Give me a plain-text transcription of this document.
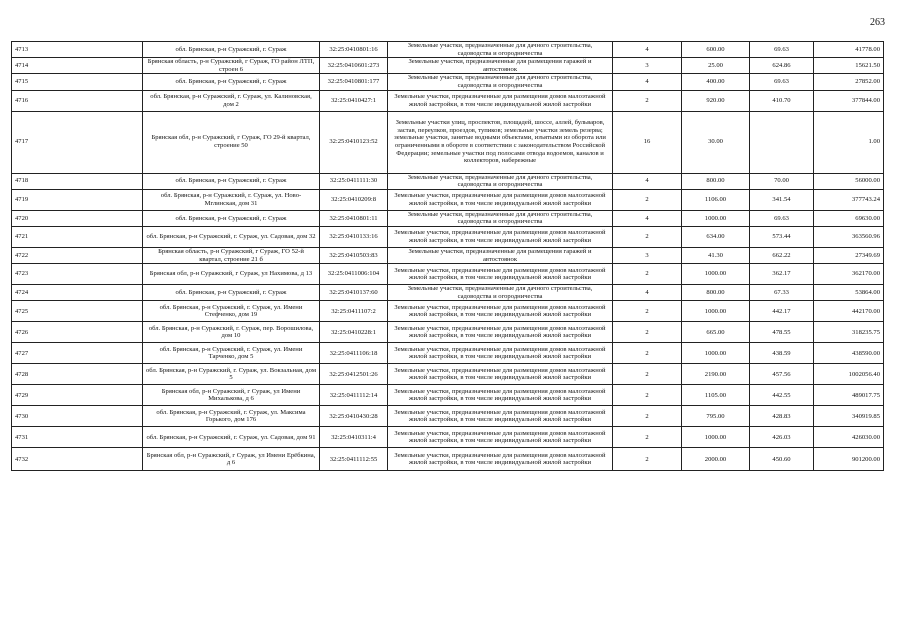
263
4713	обл. Брянская, р-н Суражский, г. Сураж	32:25:0410801:16	Земельные участки, предназначенные для дачного строительства, садоводства и огородничества	4	600.00	69.63	41778.00
4714	Брянская область, р-н Суражский, г Сураж, ГО район ЛТП, строен 6	32:25:0410601:273	Земельные участки, предназначенные для размещения гаражей и автостоянок	3	25.00	624.86	15621.50
4715	обл. Брянская, р-н Суражский, г. Сураж	32:25:0410801:177	Земельные участки, предназначенные для дачного строительства, садоводства и огородничества	4	400.00	69.63	27852.00
4716	обл. Брянская, р-н Суражский, г. Сураж, ул. Калиновская, дом 2	32:25:0410427:1	Земельные участки, предназначенные для размещения домов малоэтажной жилой застройки, в том числе индивидуальной жилой застройки	2	920.00	410.70	377844.00
4717	Брянская обл, р-н Суражский, г Сураж, ГО 29-й квартал, строение 50	32:25:0410123:52	Земельные участки улиц, проспектов, площадей, шоссе, аллей, бульваров, застав, переулков, проездов, тупиков; земельные участки земель резерва; земельные участки, занятые водными объектами, изъятыми из оборота или ограниченными в обороте в соответствии с законодательством Российской Федерации; земельные участки под полосами отвода водоемов, каналов и коллекторов, набережные	16	30.00		1.00
4718	обл. Брянская, р-н Суражский, г. Сураж	32:25:0411111:30	Земельные участки, предназначенные для дачного строительства, садоводства и огородничества	4	800.00	70.00	56000.00
4719	обл. Брянская, р-н Суражский, г. Сураж, ул. Ново-Мглинская, дом 31	32:25:0410209:8	Земельные участки, предназначенные для размещения домов малоэтажной жилой застройки, в том числе индивидуальной жилой застройки	2	1106.00	341.54	377743.24
4720	обл. Брянская, р-н Суражский, г. Сураж	32:25:0410801:11	Земельные участки, предназначенные для дачного строительства, садоводства и огородничества	4	1000.00	69.63	69630.00
4721	обл. Брянская, р-н Суражский, г. Сураж, ул. Садовая, дом 32	32:25:0410133:16	Земельные участки, предназначенные для размещения домов малоэтажной жилой застройки, в том числе индивидуальной жилой застройки	2	634.00	573.44	363560.96
4722	Брянская область, р-н Суражский, г Сураж, ГО 52-й квартал, строение 21 б	32:25:0410503:83	Земельные участки, предназначенные для размещения гаражей и автостоянок	3	41.30	662.22	27349.69
4723	Брянская обл, р-н Суражский, г Сураж, ул Нахимова, д 13	32:25:0411006:104	Земельные участки, предназначенные для размещения домов малоэтажной жилой застройки, в том числе индивидуальной жилой застройки	2	1000.00	362.17	362170.00
4724	обл. Брянская, р-н Суражский, г. Сураж	32:25:0410137:60	Земельные участки, предназначенные для дачного строительства, садоводства и огородничества	4	800.00	67.33	53864.00
4725	обл. Брянская, р-н Суражский, г. Сураж, ул. Имени Стефченко, дом 19	32:25:0411107:2	Земельные участки, предназначенные для размещения домов малоэтажной жилой застройки, в том числе индивидуальной жилой застройки	2	1000.00	442.17	442170.00
4726	обл. Брянская, р-н Суражский, г. Сураж, пер. Ворошилова, дом 10	32:25:0410228:1	Земельные участки, предназначенные для размещения домов малоэтажной жилой застройки, в том числе индивидуальной жилой застройки	2	665.00	478.55	318235.75
4727	обл. Брянская, р-н Суражский, г. Сураж, ул. Имени Тарченко, дом 5	32:25:0411106:18	Земельные участки, предназначенные для размещения домов малоэтажной жилой застройки, в том числе индивидуальной жилой застройки	2	1000.00	438.59	438590.00
4728	обл. Брянская, р-н Суражский, г. Сураж, ул. Вокзальная, дом 5	32:25:0412501:26	Земельные участки, предназначенные для размещения домов малоэтажной жилой застройки, в том числе индивидуальной жилой застройки	2	2190.00	457.56	1002056.40
4729	Брянская обл, р-н Суражский, г Сураж, ул Имени Михалькова, д 6	32:25:0411112:14	Земельные участки, предназначенные для размещения домов малоэтажной жилой застройки, в том числе индивидуальной жилой застройки	2	1105.00	442.55	489017.75
4730	обл. Брянская, р-н Суражский, г. Сураж, ул. Максима Горького, дом 176	32:25:0410430:28	Земельные участки, предназначенные для размещения домов малоэтажной жилой застройки, в том числе индивидуальной жилой застройки	2	795.00	428.83	340919.85
4731	обл. Брянская, р-н Суражский, г. Сураж, ул. Садовая, дом 91	32:25:0410311:4	Земельные участки, предназначенные для размещения домов малоэтажной жилой застройки, в том числе индивидуальной жилой застройки	2	1000.00	426.03	426030.00
4732	Брянская обл, р-н Суражский, г Сураж, ул Имени Ерёбкина, д 6	32:25:0411112:55	Земельные участки, предназначенные для размещения домов малоэтажной жилой застройки, в том числе индивидуальной жилой застройки	2	2000.00	450.60	901200.00
